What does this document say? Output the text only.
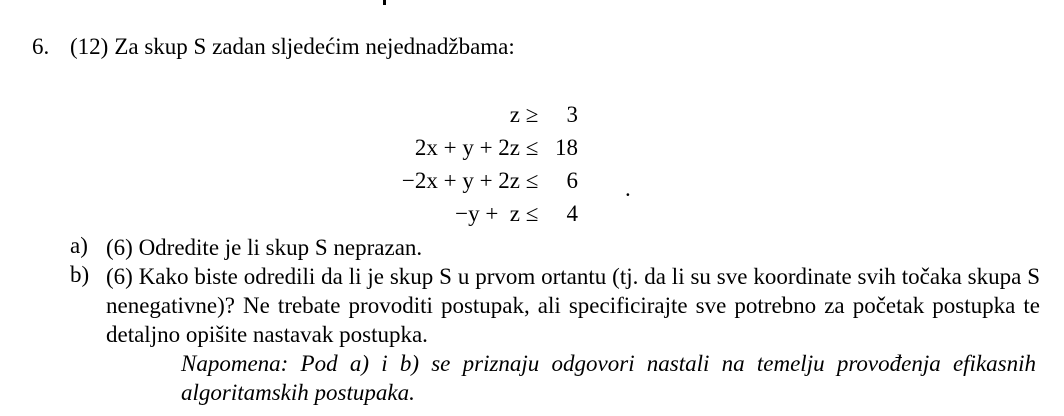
6. (12) Za skup S zadan sljedećim nejednadžbama:

z ≥ 3

2x + y + 2z ≤ 18

−2x + y + 2z ≤ 6

−y +  z ≤ 4

.
a) (6) Odredite je li skup S neprazan.
b) (6) Kako biste odredili da li je skup S u prvom ortantu (tj. da li su sve koordinate svih točaka skupa S nenegativne)? Ne trebate provoditi postupak, ali specificirajte sve potrebno za početak postupka te detaljno opišite nastavak postupka.
Napomena: Pod a) i b) se priznaju odgovori nastali na temelju provođenja efikasnih algoritamskih postupaka.
